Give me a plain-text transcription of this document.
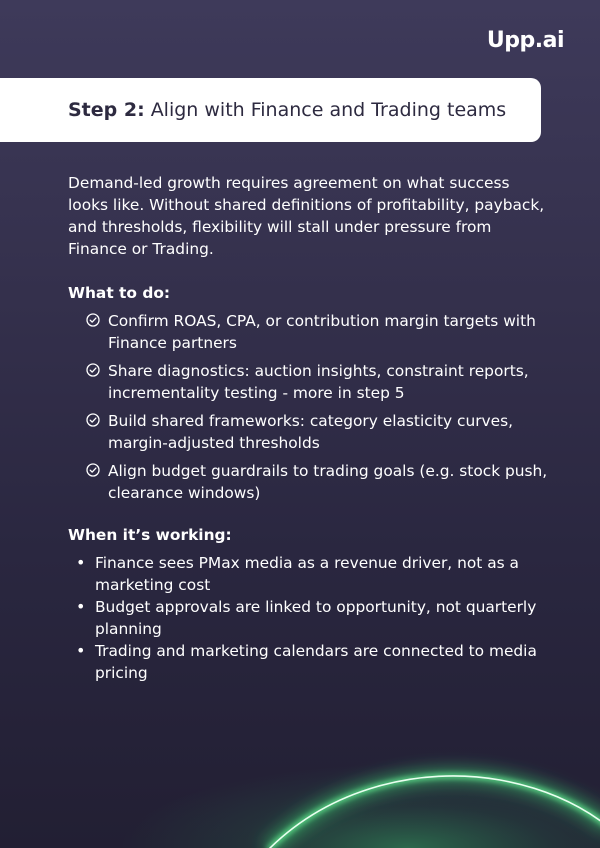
Upp.ai
Step 2: Align with Finance and Trading teams

Demand-led growth requires agreement on what success looks like. Without shared definitions of profitability, payback, and thresholds, flexibility will stall under pressure from Finance or Trading.

What to do:

Confirm ROAS, CPA, or contribution margin targets with Finance partners
Share diagnostics: auction insights, constraint reports, incrementality testing - more in step 5
Build shared frameworks: category elasticity curves, margin-adjusted thresholds
Align budget guardrails to trading goals (e.g. stock push, clearance windows)

When it’s working:

• Finance sees PMax media as a revenue driver, not as a marketing cost
• Budget approvals are linked to opportunity, not quarterly planning
• Trading and marketing calendars are connected to media pricing
